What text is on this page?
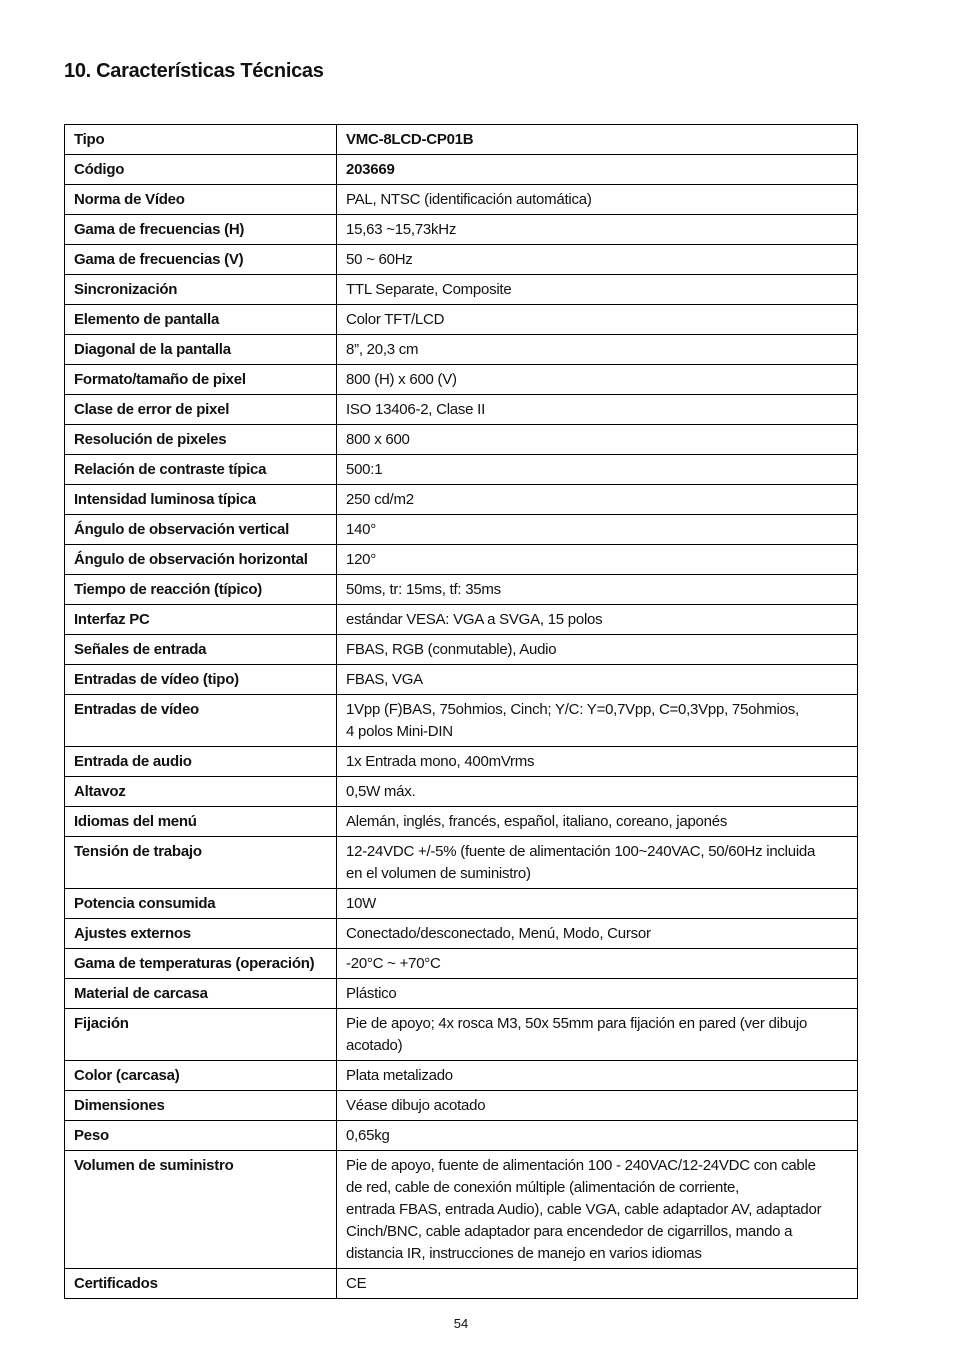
10. Características Técnicas
Tipo	VMC-8LCD-CP01B

Código	203669

Norma de Vídeo	PAL, NTSC (identificación automática)

Gama de frecuencias (H)	15,63 ~15,73kHz

Gama de frecuencias (V)	50 ~ 60Hz

Sincronización	TTL Separate, Composite

Elemento de pantalla	Color TFT/LCD

Diagonal de la pantalla	8”, 20,3 cm

Formato/tamaño de pixel	800 (H) x 600 (V)

Clase de error de pixel	ISO 13406-2, Clase II

Resolución de pixeles	800 x 600

Relación de contraste típica	500:1

Intensidad luminosa típica	250 cd/m2

Ángulo de observación vertical	140°

Ángulo de observación horizontal	120°

Tiempo de reacción (típico)	50ms, tr: 15ms, tf: 35ms

Interfaz PC	estándar VESA: VGA a SVGA, 15 polos

Señales de entrada	FBAS, RGB (conmutable), Audio

Entradas de vídeo (tipo)	FBAS, VGA

Entradas de vídeo	1Vpp (F)BAS, 75ohmios, Cinch; Y/C: Y=0,7Vpp, C=0,3Vpp, 75ohmios,
4 polos Mini-DIN

Entrada de audio	1x Entrada mono, 400mVrms

Altavoz	0,5W máx.

Idiomas del menú	Alemán, inglés, francés, español, italiano, coreano, japonés

Tensión de trabajo	12-24VDC +/-5% (fuente de alimentación 100~240VAC, 50/60Hz incluida
en el volumen de suministro)

Potencia consumida	10W

Ajustes externos	Conectado/desconectado, Menú, Modo, Cursor

Gama de temperaturas (operación)	-20°C ~ +70°C

Material de carcasa	Plástico

Fijación	Pie de apoyo; 4x rosca M3, 50x 55mm para fijación en pared (ver dibujo
acotado)

Color (carcasa)	Plata metalizado

Dimensiones	Véase dibujo acotado

Peso	0,65kg

Volumen de suministro	Pie de apoyo, fuente de alimentación 100 - 240VAC/12-24VDC con cable
de red, cable de conexión múltiple (alimentación de corriente,
entrada FBAS, entrada Audio), cable VGA, cable adaptador AV, adaptador
Cinch/BNC, cable adaptador para encendedor de cigarrillos, mando a
distancia IR, instrucciones de manejo en varios idiomas

Certificados	CE
54
